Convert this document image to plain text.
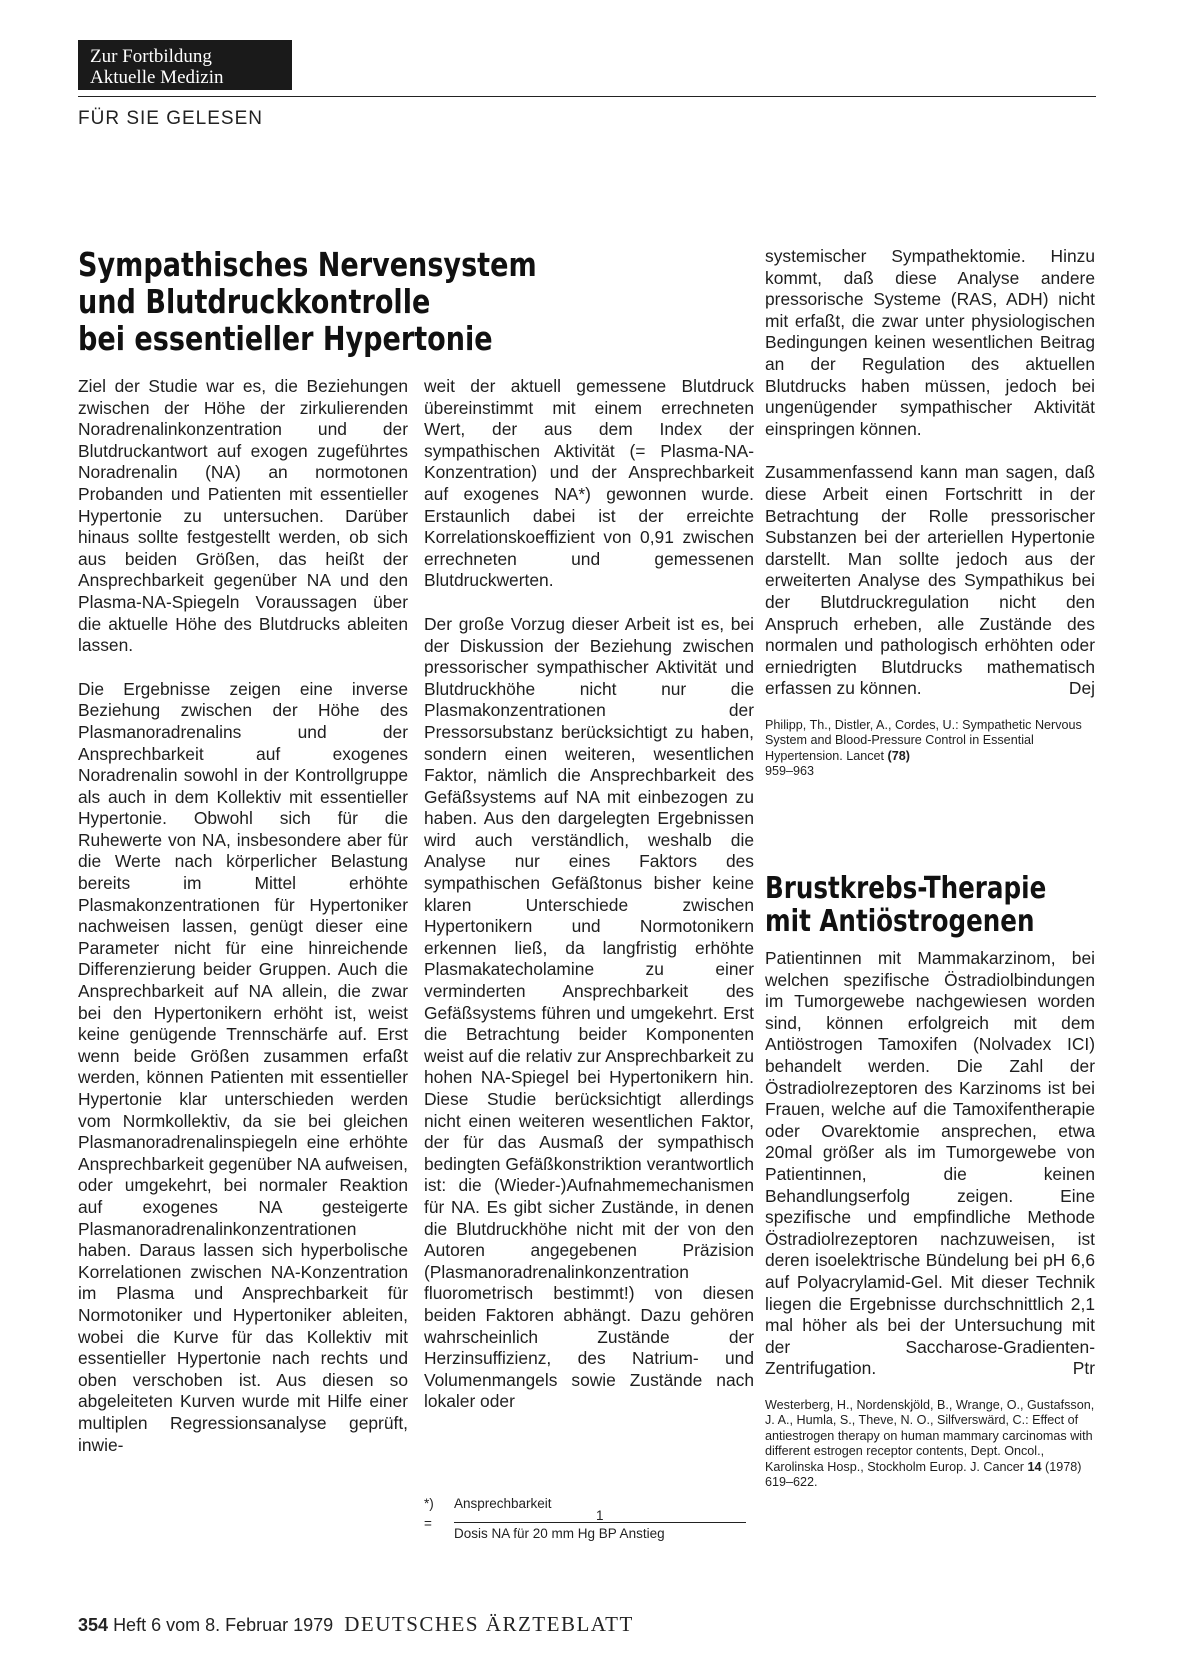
Zur Fortbildung
Aktuelle Medizin
FÜR SIE GELESEN
Sympathisches Nervensystem
und Blutdruckkontrolle
bei essentieller Hypertonie

Ziel der Studie war es, die Beziehungen zwischen der Höhe der zirkulierenden Noradrenalinkonzentration und der Blutdruckantwort auf exogen zugeführtes Noradrenalin (NA) an normotonen Probanden und Patienten mit essentieller Hypertonie zu untersuchen. Darüber hinaus sollte festgestellt werden, ob sich aus beiden Größen, das heißt der Ansprechbarkeit gegenüber NA und den Plasma-NA-Spiegeln Voraussagen über die aktuelle Höhe des Blutdrucks ableiten lassen.

Die Ergebnisse zeigen eine inverse Beziehung zwischen der Höhe des Plasmanoradrenalins und der Ansprechbarkeit auf exogenes Noradrenalin sowohl in der Kontrollgruppe als auch in dem Kollektiv mit essentieller Hypertonie. Obwohl sich für die Ruhewerte von NA, insbesondere aber für die Werte nach körperlicher Belastung bereits im Mittel erhöhte Plasmakonzentrationen für Hypertoniker nachweisen lassen, genügt dieser eine Parameter nicht für eine hinreichende Differenzierung beider Gruppen. Auch die Ansprechbarkeit auf NA allein, die zwar bei den Hypertonikern erhöht ist, weist keine genügende Trennschärfe auf. Erst wenn beide Größen zusammen erfaßt werden, können Patienten mit essentieller Hypertonie klar unterschieden werden vom Normkollektiv, da sie bei gleichen Plasmanoradrenalinspiegeln eine erhöhte Ansprechbarkeit gegenüber NA aufweisen, oder umgekehrt, bei normaler Reaktion auf exogenes NA gesteigerte Plasmanoradrenalinkonzentrationen haben. Daraus lassen sich hyperbolische Korrelationen zwischen NA-Konzentration im Plasma und Ansprechbarkeit für Normotoniker und Hypertoniker ableiten, wobei die Kurve für das Kollektiv mit essentieller Hypertonie nach rechts und oben verschoben ist. Aus diesen so abgeleiteten Kurven wurde mit Hilfe einer multiplen Regressionsanalyse geprüft, inwie-

weit der aktuell gemessene Blutdruck übereinstimmt mit einem errechneten Wert, der aus dem Index der sympathischen Aktivität (= Plasma-NA-Konzentration) und der Ansprechbarkeit auf exogenes NA*) gewonnen wurde. Erstaunlich dabei ist der erreichte Korrelationskoeffizient von 0,91 zwischen errechneten und gemessenen Blutdruckwerten.

Der große Vorzug dieser Arbeit ist es, bei der Diskussion der Beziehung zwischen pressorischer sympathischer Aktivität und Blutdruckhöhe nicht nur die Plasmakonzentrationen der Pressorsubstanz berücksichtigt zu haben, sondern einen weiteren, wesentlichen Faktor, nämlich die Ansprechbarkeit des Gefäßsystems auf NA mit einbezogen zu haben. Aus den dargelegten Ergebnissen wird auch verständlich, weshalb die Analyse nur eines Faktors des sympathischen Gefäßtonus bisher keine klaren Unterschiede zwischen Hypertonikern und Normotonikern erkennen ließ, da langfristig erhöhte Plasmakatecholamine zu einer verminderten Ansprechbarkeit des Gefäßsystems führen und umgekehrt. Erst die Betrachtung beider Komponenten weist auf die relativ zur Ansprechbarkeit zu hohen NA-Spiegel bei Hypertonikern hin. Diese Studie berücksichtigt allerdings nicht einen weiteren wesentlichen Faktor, der für das Ausmaß der sympathisch bedingten Gefäßkonstriktion verantwortlich ist: die (Wieder-)Aufnahmemechanismen für NA. Es gibt sicher Zustände, in denen die Blutdruckhöhe nicht mit der von den Autoren angegebenen Präzision (Plasmanoradrenalinkonzentration fluorometrisch bestimmt!) von diesen beiden Faktoren abhängt. Dazu gehören wahrscheinlich Zustände der Herzinsuffizienz, des Natrium- und Volumenmangels sowie Zustände nach lokaler oder

systemischer Sympathektomie. Hinzu kommt, daß diese Analyse andere pressorische Systeme (RAS, ADH) nicht mit erfaßt, die zwar unter physiologischen Bedingungen keinen wesentlichen Beitrag an der Regulation des aktuellen Blutdrucks haben müssen, jedoch bei ungenügender sympathischer Aktivität einspringen können.

Zusammenfassend kann man sagen, daß diese Arbeit einen Fortschritt in der Betrachtung der Rolle pressorischer Substanzen bei der arteriellen Hypertonie darstellt. Man sollte jedoch aus der erweiterten Analyse des Sympathikus bei der Blutdruckregulation nicht den Anspruch erheben, alle Zustände des normalen und pathologisch erhöhten oder erniedrigten Blutdrucks mathematisch erfassen zu können.	Dej

Philipp, Th., Distler, A., Cordes, U.: Sympathetic Nervous System and Blood-Pressure Control in Essential Hypertension. Lancet (78)
959–963

Brustkrebs-Therapie
mit Antiöstrogenen

Patientinnen mit Mammakarzinom, bei welchen spezifische Östradiolbindungen im Tumorgewebe nachgewiesen worden sind, können erfolgreich mit dem Antiöstrogen Tamoxifen (Nolvadex ICI) behandelt werden. Die Zahl der Östradiolrezeptoren des Karzinoms ist bei Frauen, welche auf die Tamoxifentherapie oder Ovarektomie ansprechen, etwa 20mal größer als im Tumorgewebe von Patientinnen, die keinen Behandlungserfolg zeigen. Eine spezifische und empfindliche Methode Östradiolrezeptoren nachzuweisen, ist deren isoelektrische Bündelung bei pH 6,6 auf Polyacrylamid-Gel. Mit dieser Technik liegen die Ergebnisse durchschnittlich 2,1 mal höher als bei der Untersuchung mit der Saccharose-Gradienten-Zentrifugation.	Ptr

Westerberg, H., Nordenskjöld, B., Wrange, O., Gustafsson, J. A., Humla, S., Theve, N. O., Silfverswärd, C.: Effect of antiestrogen therapy on human mammary carcinomas with different estrogen receptor contents, Dept. Oncol., Karolinska Hosp., Stockholm Europ. J. Cancer 14 (1978) 619–622.

*) Ansprechbarkeit
1
=
Dosis NA für 20 mm Hg BP Anstieg
354 Heft 6 vom 8. Februar 1979 DEUTSCHES ÄRZTEBLATT
